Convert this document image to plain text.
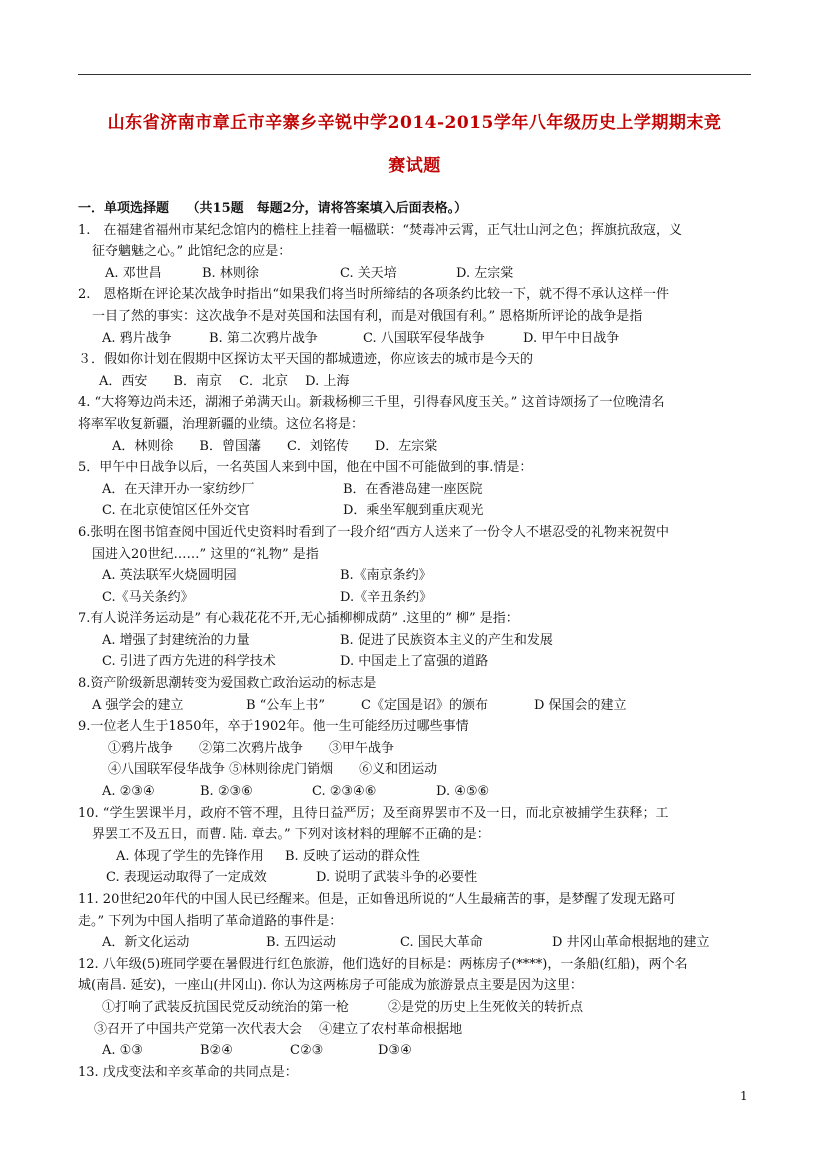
山东省济南市章丘市辛寨乡辛锐中学2014-2015学年八年级历史上学期期末竞
赛试题
一．单项选择题　 （共15题　每题2分，请将答案填入后面表格。）
1.　在福建省福州市某纪念馆内的檐柱上挂着一幅楹联：“焚毒冲云霄，正气壮山河之色；挥旗抗敌寇，义
征夺魑魅之心。” 此馆纪念的应是：
A. 邓世昌	B. 林则徐	C. 关天培	D. 左宗棠
2.　恩格斯在评论某次战争时指出“如果我们将当时所缔结的各项条约比较一下，就不得不承认这样一件
一目了然的事实：这次战争不是对英国和法国有利，而是对俄国有利。” 恩格斯所评论的战争是指
A. 鸦片战争	B. 第二次鸦片战争	C. 八国联军侵华战争	D. 甲午中日战争
３．假如你计划在假期中区探访太平天国的都城遗迹，你应该去的城市是今天的
　A．西安　　B．南京　 C．北京　 D. 上海
4. “大将筹边尚未还，湖湘子弟满天山。新栽杨柳三千里，引得春风度玉关。” 这首诗颂扬了一位晚清名
将率军收复新疆，治理新疆的业绩。这位名将是：
　　A．林则徐　　B．曾国藩　　C．刘铭传　　D．左宗棠
5．甲午中日战争以后，一名英国人来到中国，他在中国不可能做到的事.情是：
A．在天津开办一家纺纱厂	B．在香港岛建一座医院
C. 在北京使馆区任外交官	D．乘坐军舰到重庆观光
6.张明在图书馆查阅中国近代史资料时看到了一段介绍“西方人送来了一份令人不堪忍受的礼物来祝贺中
国进入20世纪……” 这里的“礼物” 是指
A. 英法联军火烧圆明园	B.《南京条约》
C.《马关条约》	D.《辛丑条约》
7.有人说洋务运动是” 有心栽花花不开,无心插柳柳成荫” .这里的” 柳” 是指：
A. 增强了封建统治的力量	B. 促进了民族资本主义的产生和发展
C. 引进了西方先进的科学技术	D. 中国走上了富强的道路
8.资产阶级新思潮转变为爱国救亡政治运动的标志是
A 强学会的建立	B “公车上书”	C《定国是诏》的颁布	D 保国会的建立
9.一位老人生于1850年，卒于1902年。他一生可能经历过哪些事情
①鸦片战争　　②第二次鸦片战争　　③甲午战争
④八国联军侵华战争 ⑤林则徐虎门销烟　　⑥义和团运动
A. ②③④	B. ②③⑥	C. ②③④⑥	D. ④⑤⑥
10. “学生罢课半月，政府不管不理，且待日益严厉；及至商界罢市不及一日，而北京被捕学生获释；工
界罢工不及五日，而曹. 陆. 章去。” 下列对该材料的理解不正确的是：
A. 体现了学生的先锋作用 B. 反映了运动的群众性
C. 表现运动取得了一定成效	D. 说明了武装斗争的必要性
11. 20世纪20年代的中国人民已经醒来。但是，正如鲁迅所说的“人生最痛苦的事，是梦醒了发现无路可
走。” 下列为中国人指明了革命道路的事件是：
A．新文化运动	B. 五四运动	C. 国民大革命	D 井冈山革命根据地的建立
12. 八年级(5)班同学要在暑假进行红色旅游，他们选好的目标是：两栋房子(****)，一条船(红船)，两个名
城(南昌. 延安)，一座山(井冈山). 你认为这两栋房子可能成为旅游景点主要是因为这里：
①打响了武装反抗国民党反动统治的第一枪　　　②是党的历史上生死攸关的转折点
③召开了中国共产党第一次代表大会　 ④建立了农村革命根据地
A. ①③	B②④	C②③	D③④
13. 戊戌变法和辛亥革命的共同点是：
1
